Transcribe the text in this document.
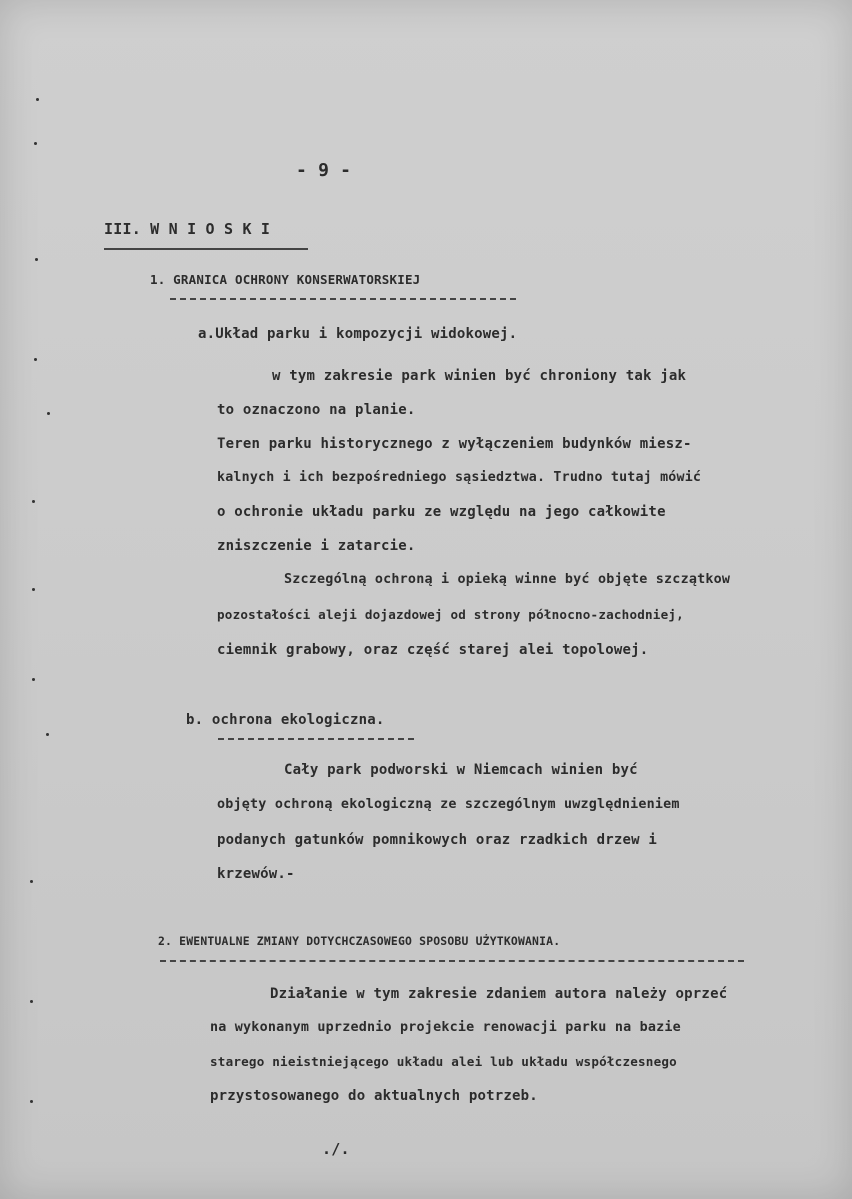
- 9 -
III. W N I O S K I
1. GRANICA OCHRONY KONSERWATORSKIEJ
a.Układ parku i kompozycji widokowej.
w tym zakresie park winien być chroniony tak jak
to oznaczono na planie.
Teren parku historycznego z wyłączeniem budynków miesz-
kalnych i ich bezpośredniego sąsiedztwa. Trudno tutaj mówić
o ochronie układu parku ze względu na jego całkowite
zniszczenie i zatarcie.
Szczególną ochroną i opieką winne być objęte szczątkow
pozostałości aleji dojazdowej od strony północno-zachodniej,
ciemnik grabowy, oraz część starej alei topolowej.
b. ochrona ekologiczna.
Cały park podworski w Niemcach winien być
objęty ochroną ekologiczną ze szczególnym uwzględnieniem
podanych gatunków pomnikowych oraz rzadkich drzew i
krzewów.-
2. EWENTUALNE ZMIANY DOTYCHCZASOWEGO SPOSOBU UŻYTKOWANIA.
Działanie w tym zakresie zdaniem autora należy oprzeć
na wykonanym uprzednio projekcie renowacji parku na bazie
starego nieistniejącego układu alei lub układu współczesnego
przystosowanego do aktualnych potrzeb.
./.
